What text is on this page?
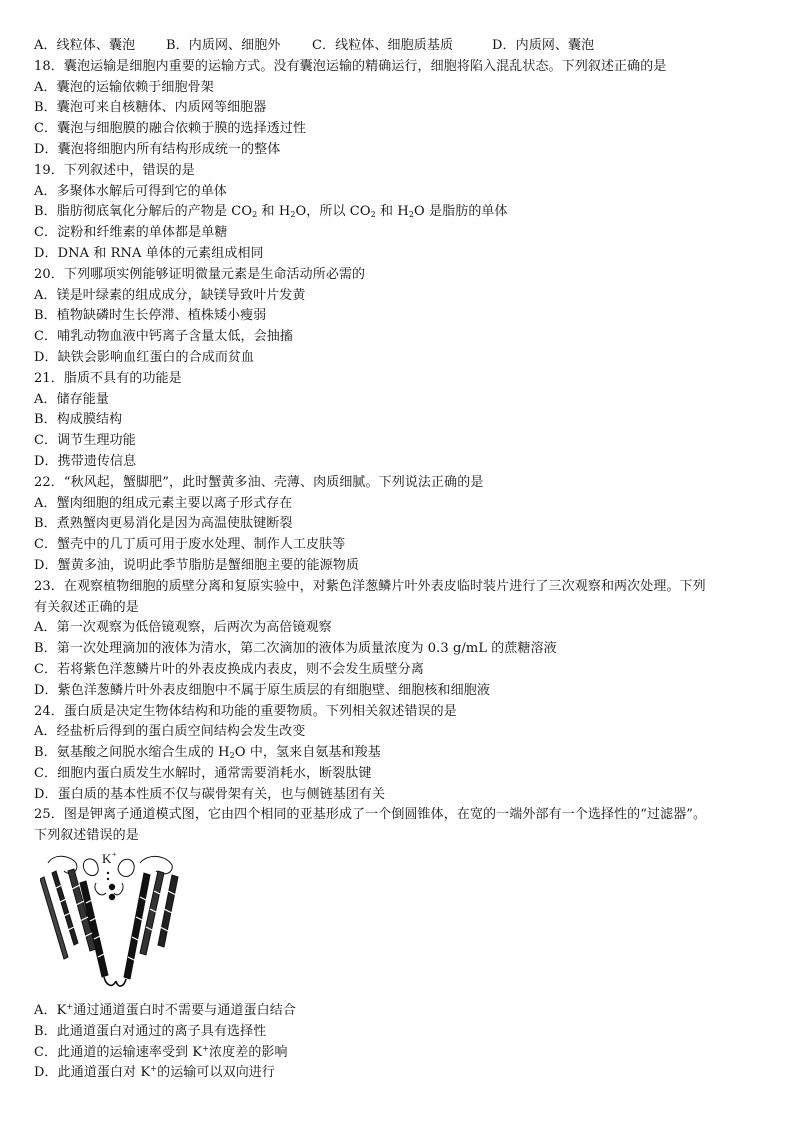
A．线粒体、囊泡 B．内质网、细胞外 C．线粒体、细胞质基质	D．内质网、囊泡
18．囊泡运输是细胞内重要的运输方式。没有囊泡运输的精确运行，细胞将陷入混乱状态。下列叙述正确的是
A．囊泡的运输依赖于细胞骨架
B．囊泡可来自核糖体、内质网等细胞器
C．囊泡与细胞膜的融合依赖于膜的选择透过性
D．囊泡将细胞内所有结构形成统一的整体
19．下列叙述中，错误的是
A．多聚体水解后可得到它的单体
B．脂肪彻底氧化分解后的产物是 $CO_2$ 和 $H_2O$，所以 $CO_2$ 和 $H_2O$ 是脂肪的单体
C．淀粉和纤维素的单体都是单糖
D．DNA 和 RNA 单体的元素组成相同
20．下列哪项实例能够证明微量元素是生命活动所必需的
A．镁是叶绿素的组成成分，缺镁导致叶片发黄
B．植物缺磷时生长停滞、植株矮小瘦弱
C．哺乳动物血液中钙离子含量太低，会抽搐
D．缺铁会影响血红蛋白的合成而贫血
21．脂质不具有的功能是
A．储存能量
B．构成膜结构
C．调节生理功能
D．携带遗传信息
22．“秋风起，蟹脚肥”，此时蟹黄多油、壳薄、肉质细腻。下列说法正确的是
A．蟹肉细胞的组成元素主要以离子形式存在
B．煮熟蟹肉更易消化是因为高温使肽键断裂
C．蟹壳中的几丁质可用于废水处理、制作人工皮肤等
D．蟹黄多油，说明此季节脂肪是蟹细胞主要的能源物质
23．在观察植物细胞的质壁分离和复原实验中，对紫色洋葱鳞片叶外表皮临时装片进行了三次观察和两次处理。下列
有关叙述正确的是
A．第一次观察为低倍镜观察，后两次为高倍镜观察
B．第一次处理滴加的液体为清水，第二次滴加的液体为质量浓度为 0.3 g/mL 的蔗糖溶液
C．若将紫色洋葱鳞片叶的外表皮换成内表皮，则不会发生质壁分离
D．紫色洋葱鳞片叶外表皮细胞中不属于原生质层的有细胞壁、细胞核和细胞液
24．蛋白质是决定生物体结构和功能的重要物质。下列相关叙述错误的是
A．经盐析后得到的蛋白质空间结构会发生改变
B．氨基酸之间脱水缩合生成的 $H_2O$ 中，氢来自氨基和羧基
C．细胞内蛋白质发生水解时，通常需要消耗水，断裂肽键
D．蛋白质的基本性质不仅与碳骨架有关，也与侧链基团有关
25．图是钾离子通道模式图，它由四个相同的亚基形成了一个倒圆锥体，在宽的一端外部有一个选择性的“过滤器”。
下列叙述错误的是
K +
A．K+通过通道蛋白时不需要与通道蛋白结合
B．此通道蛋白对通过的离子具有选择性
C．此通道的运输速率受到 K+浓度差的影响
D．此通道蛋白对 K+的运输可以双向进行
